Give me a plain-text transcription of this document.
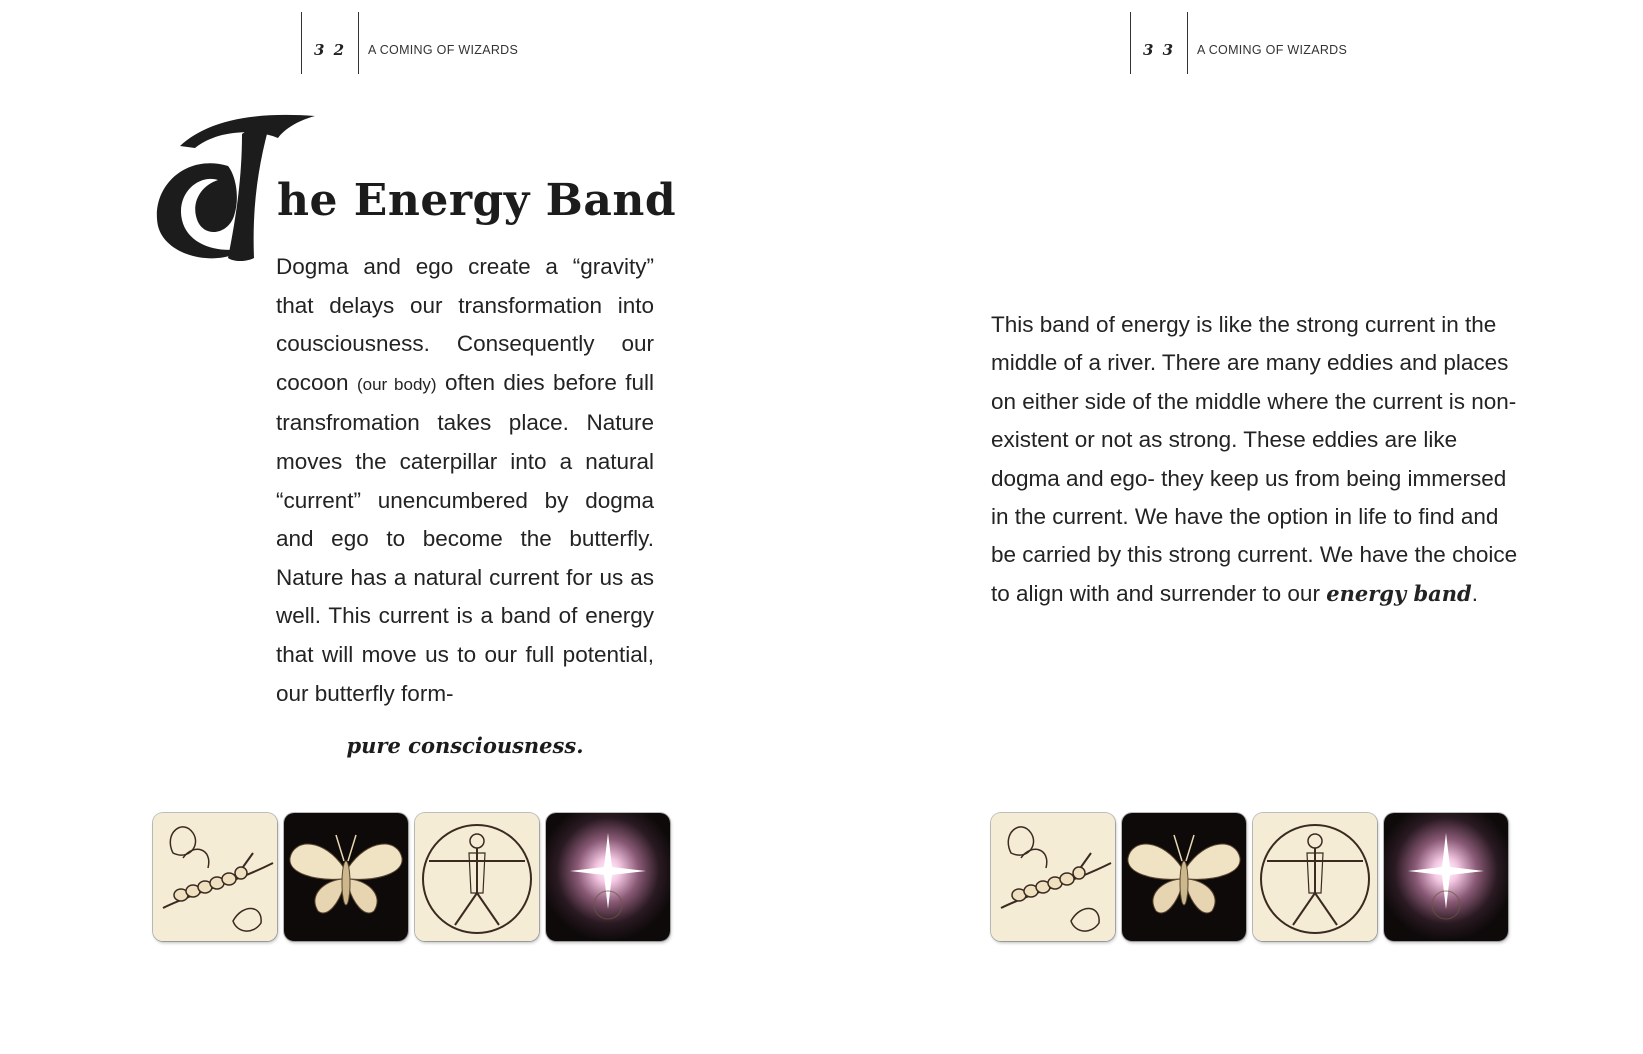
3 2	A COMING OF WIZARDS
T
he Energy Band

Dogma and ego create a “gravity” that delays our transformation into cousciousness. Consequently our cocoon (our body) often dies before full transfromation takes place. Nature moves the caterpillar into a natural “current” unencumbered by dogma and ego to become the butterfly. Nature has a natural current for us as well. This current is a band of energy that will move us to our full potential, our butterfly form-

pure consciousness.
3 3	A COMING OF WIZARDS

This band of energy is like the strong current in the middle of a river. There are many eddies and places on either side of the middle where the current is non-existent or not as strong. These eddies are like dogma and ego- they keep us from being immersed in the current. We have the option in life to find and be carried by this strong current. We have the choice to align with and surrender to our energy band.
